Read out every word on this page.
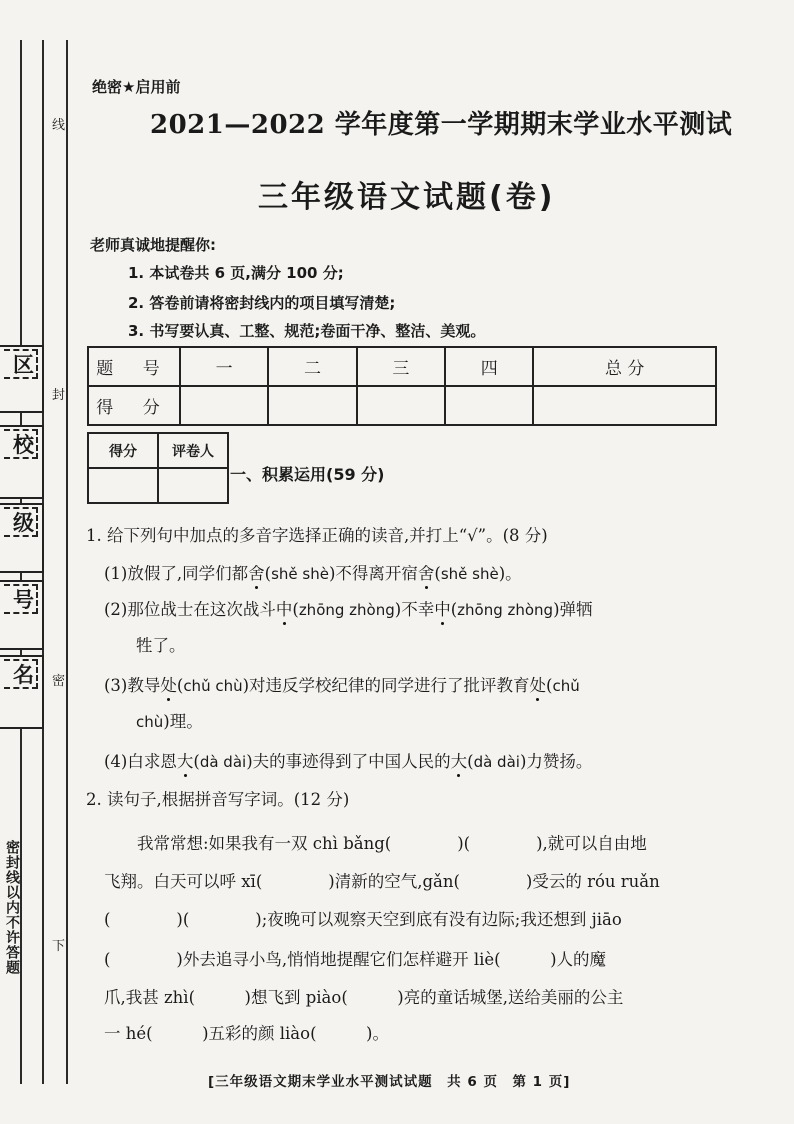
区
校
级
号
名
线
封
密
下
密封线以内不许答题
绝密★启用前
2021—2022 学年度第一学期期末学业水平测试
三年级语文试题(卷)
老师真诚地提醒你:
1. 本试卷共 6 页,满分 100 分;
2. 答卷前请将密封线内的项目填写清楚;
3. 书写要认真、工整、规范;卷面干净、整洁、美观。
题 号	一	二	三	四	总 分
得 分					
得分	评卷人

一、积累运用(59 分)
1. 给下列句中加点的多音字选择正确的读音,并打上“√”。(8 分)
(1)放假了,同学们都舍(shě shè)不得离开宿舍(shě shè)。
(2)那位战士在这次战斗中(zhōng zhòng)不幸中(zhōng zhòng)弹牺
牲了。
(3)教导处(chǔ chù)对违反学校纪律的同学进行了批评教育处(chǔ
chù)理。
(4)白求恩大(dà dài)夫的事迹得到了中国人民的大(dà dài)力赞扬。
2. 读句子,根据拼音写字词。(12 分)
　　我常常想:如果我有一双 chì bǎng(　　　　)(　　　　),就可以自由地
飞翔。白天可以呼 xī(　　　　)清新的空气,gǎn(　　　　)受云的 róu ruǎn
(　　　　)(　　　　);夜晚可以观察天空到底有没有边际;我还想到 jiāo
(　　　　)外去追寻小鸟,悄悄地提醒它们怎样避开 liè(　　　)人的魔
爪,我甚 zhì(　　　)想飞到 piào(　　　)亮的童话城堡,送给美丽的公主
一 hé(　　　)五彩的颜 liào(　　　)。
[三年级语文期末学业水平测试试题　共 6 页　第 1 页]
